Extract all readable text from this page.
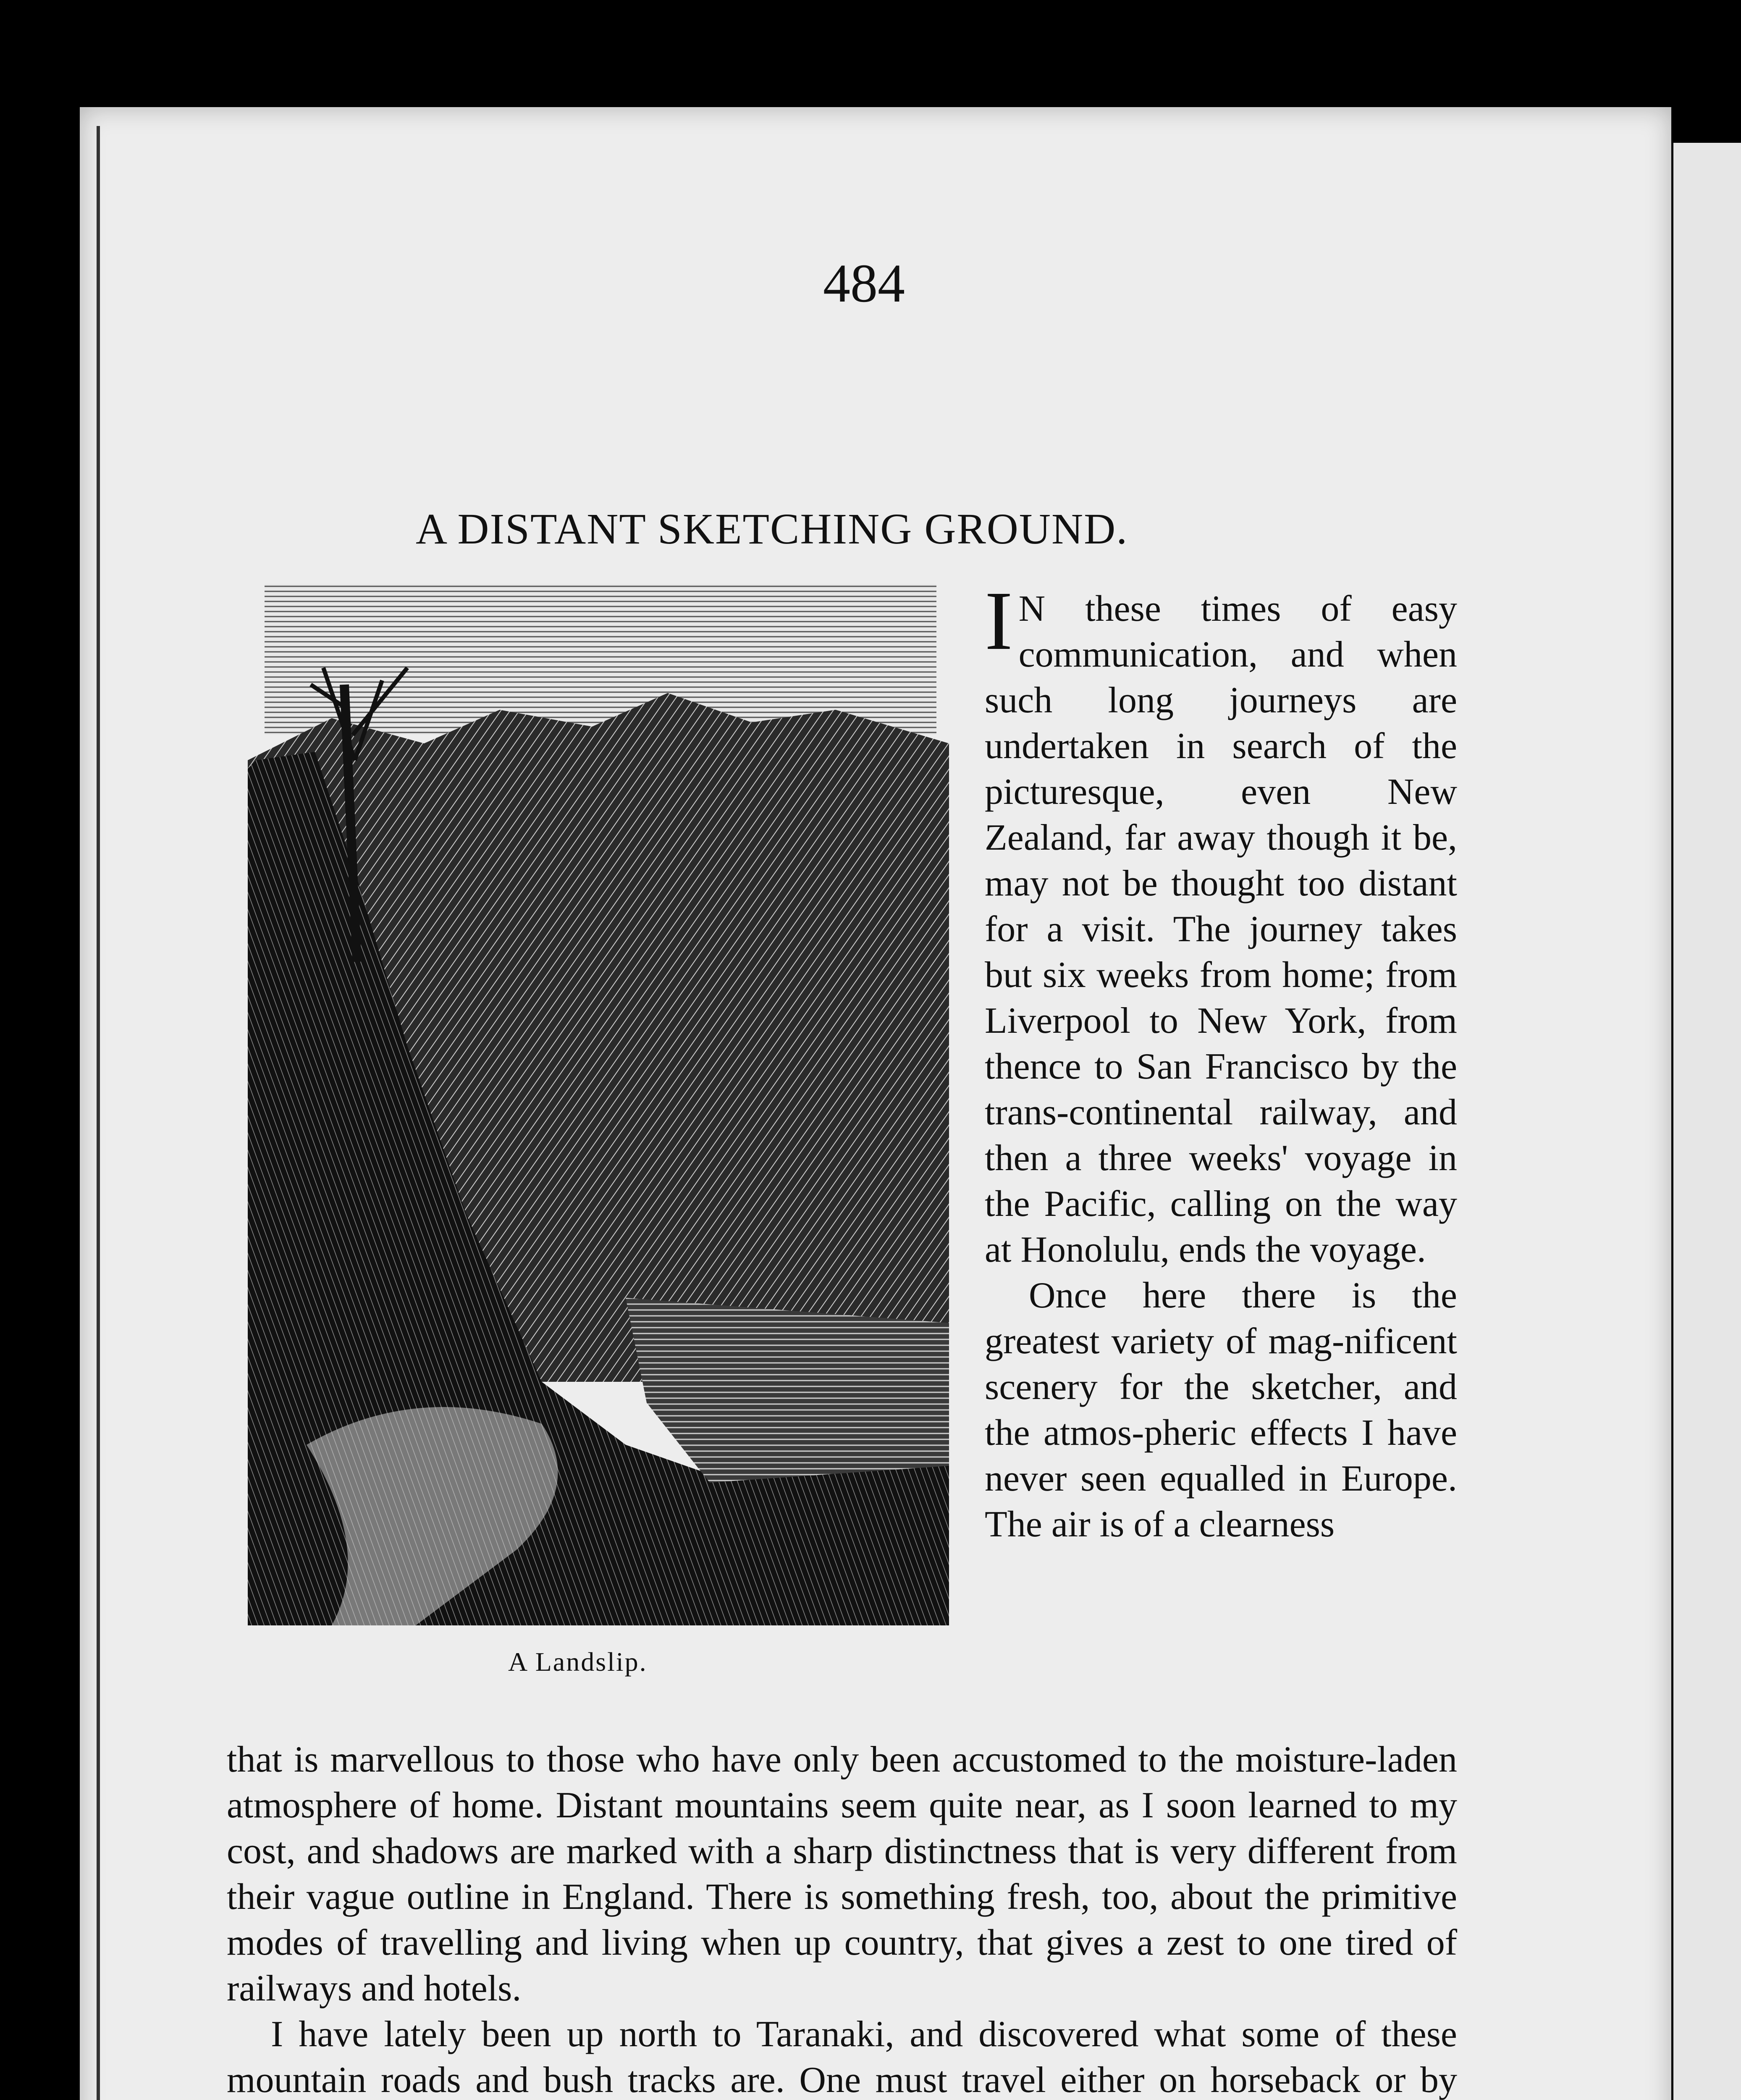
484
A DISTANT SKETCHING GROUND.
A Landslip.

I N these times of easy communication, and when such long journeys are undertaken in search of the picturesque, even New Zealand, far away though it be, may not be thought too distant for a visit. The journey takes but six weeks from home; from Liverpool to New York, from thence to San Francisco by the trans-continental railway, and then a three weeks' voyage in the Pacific, calling on the way at Honolulu, ends the voyage.

Once here there is the greatest variety of mag-nificent scenery for the sketcher, and the atmos-pheric effects I have never seen equalled in Europe. The air is of a clearness

that is marvellous to those who have only been accustomed to the moisture-laden atmosphere of home. Distant mountains seem quite near, as I soon learned to my cost, and shadows are marked with a sharp distinctness that is very different from their vague outline in England. There is something fresh, too, about the primitive modes of travelling and living when up country, that gives a zest to one tired of railways and hotels.

I have lately been up north to Taranaki, and discovered what some of these mountain roads and bush tracks are. One must travel either on horseback or by
